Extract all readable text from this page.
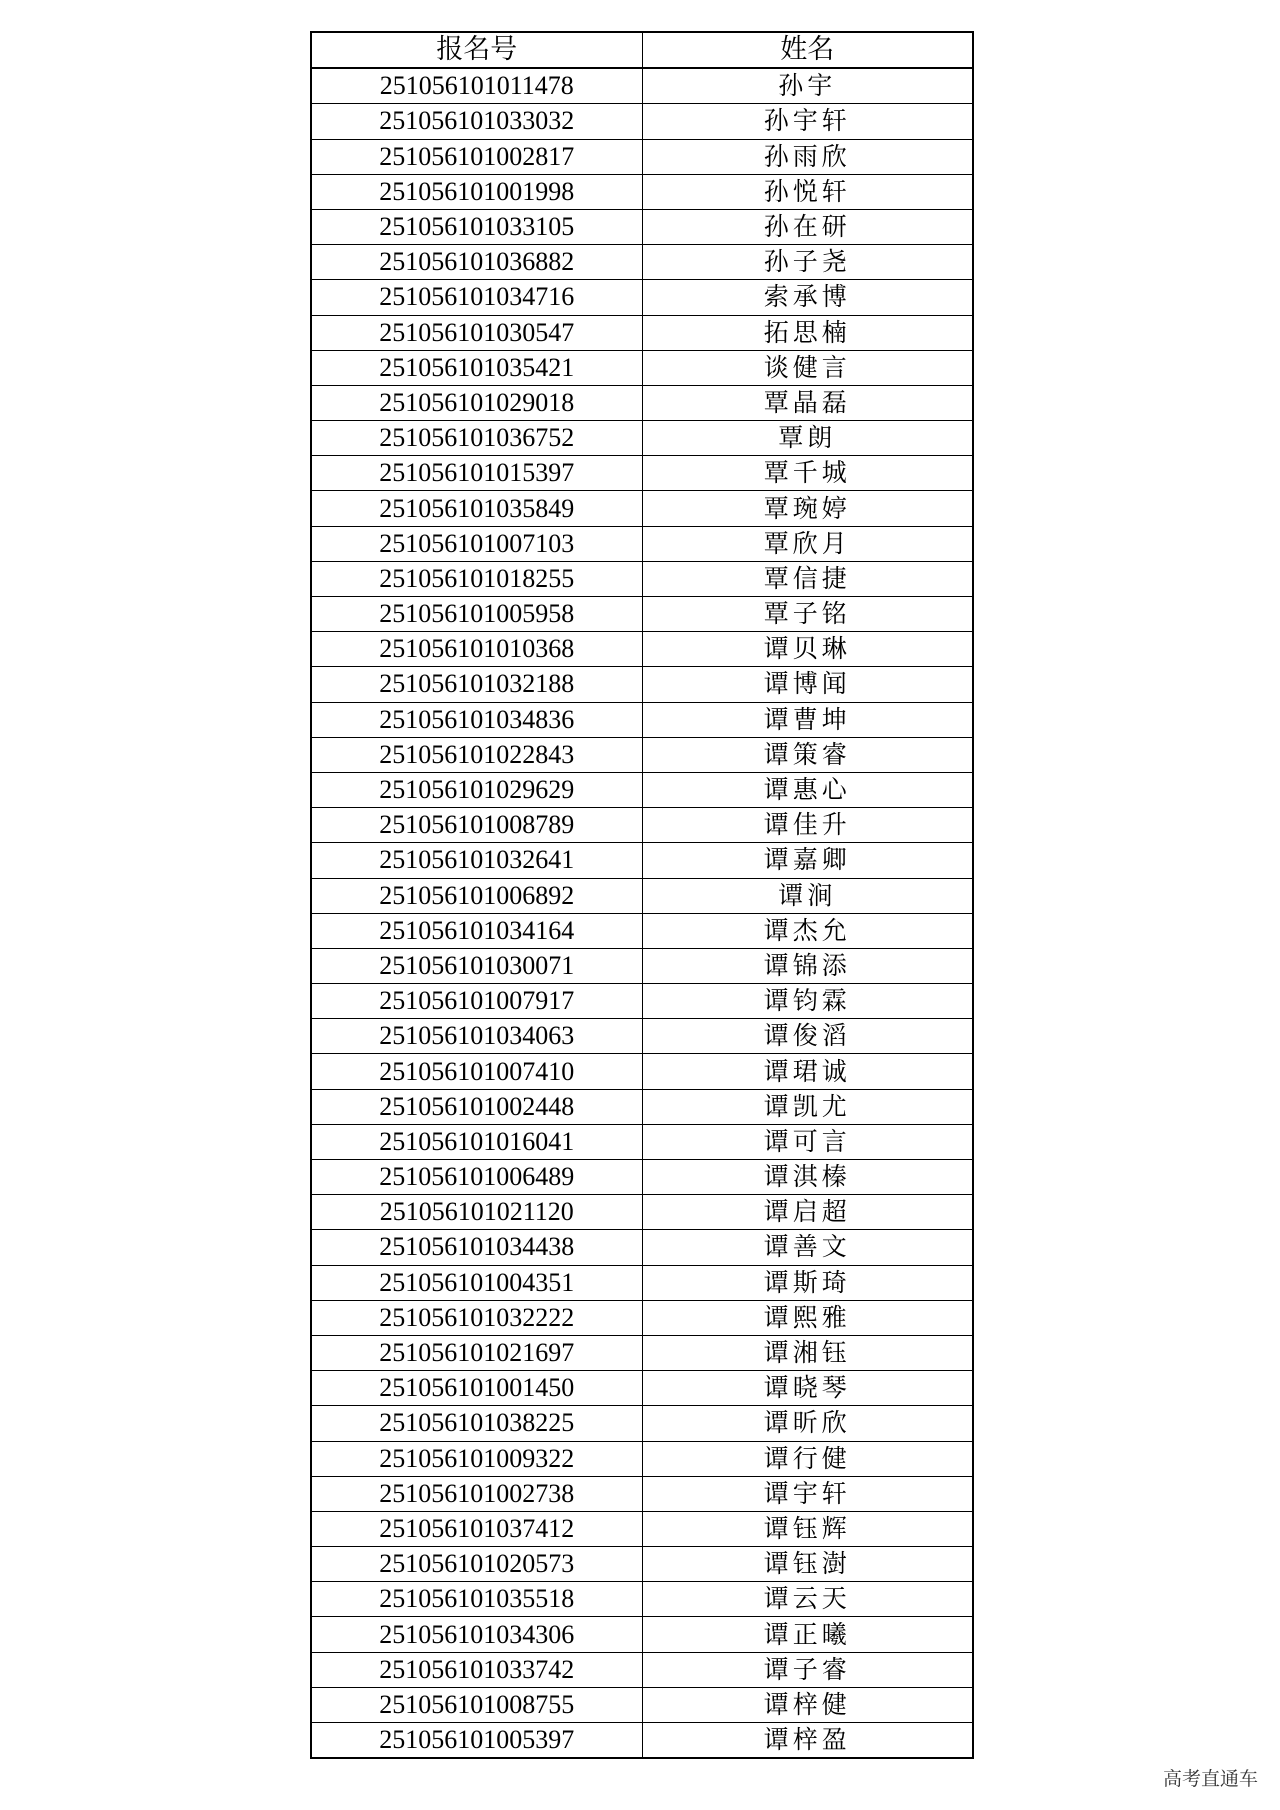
报名号	姓名
251056101011478	孙宇
251056101033032	孙宇轩
251056101002817	孙雨欣
251056101001998	孙悦轩
251056101033105	孙在研
251056101036882	孙子尧
251056101034716	索承博
251056101030547	拓思楠
251056101035421	谈健言
251056101029018	覃晶磊
251056101036752	覃朗
251056101015397	覃千城
251056101035849	覃琬婷
251056101007103	覃欣月
251056101018255	覃信捷
251056101005958	覃子铭
251056101010368	谭贝琳
251056101032188	谭博闻
251056101034836	谭曹坤
251056101022843	谭策睿
251056101029629	谭惠心
251056101008789	谭佳升
251056101032641	谭嘉卿
251056101006892	谭涧
251056101034164	谭杰允
251056101030071	谭锦添
251056101007917	谭钧霖
251056101034063	谭俊滔
251056101007410	谭珺诚
251056101002448	谭凯尤
251056101016041	谭可言
251056101006489	谭淇榛
251056101021120	谭启超
251056101034438	谭善文
251056101004351	谭斯琦
251056101032222	谭熙雅
251056101021697	谭湘钰
251056101001450	谭晓琴
251056101038225	谭昕欣
251056101009322	谭行健
251056101002738	谭宇轩
251056101037412	谭钰辉
251056101020573	谭钰澍
251056101035518	谭云天
251056101034306	谭正曦
251056101033742	谭子睿
251056101008755	谭梓健
251056101005397	谭梓盈
高考直通车
